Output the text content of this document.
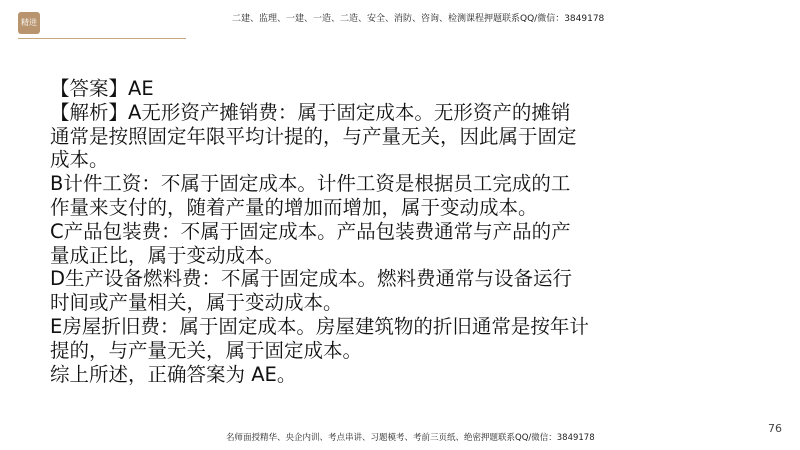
精进	二建、监理、一建、一造、二造、安全、消防、咨询、检测课程押题联系QQ/微信：3849178
【答案】AE
【解析】A无形资产摊销费：属于固定成本。无形资产的摊销
通常是按照固定年限平均计提的，与产量无关，因此属于固定
成本。
B计件工资：不属于固定成本。计件工资是根据员工完成的工
作量来支付的，随着产量的增加而增加，属于变动成本。
C产品包装费：不属于固定成本。产品包装费通常与产品的产
量成正比，属于变动成本。
D生产设备燃料费：不属于固定成本。燃料费通常与设备运行
时间或产量相关，属于变动成本。
E房屋折旧费：属于固定成本。房屋建筑物的折旧通常是按年计
提的，与产量无关，属于固定成本。
综上所述，正确答案为 AE。
76
名师面授精华、央企内训、考点串讲、习题模考、考前三页纸、绝密押题联系QQ/微信：3849178
